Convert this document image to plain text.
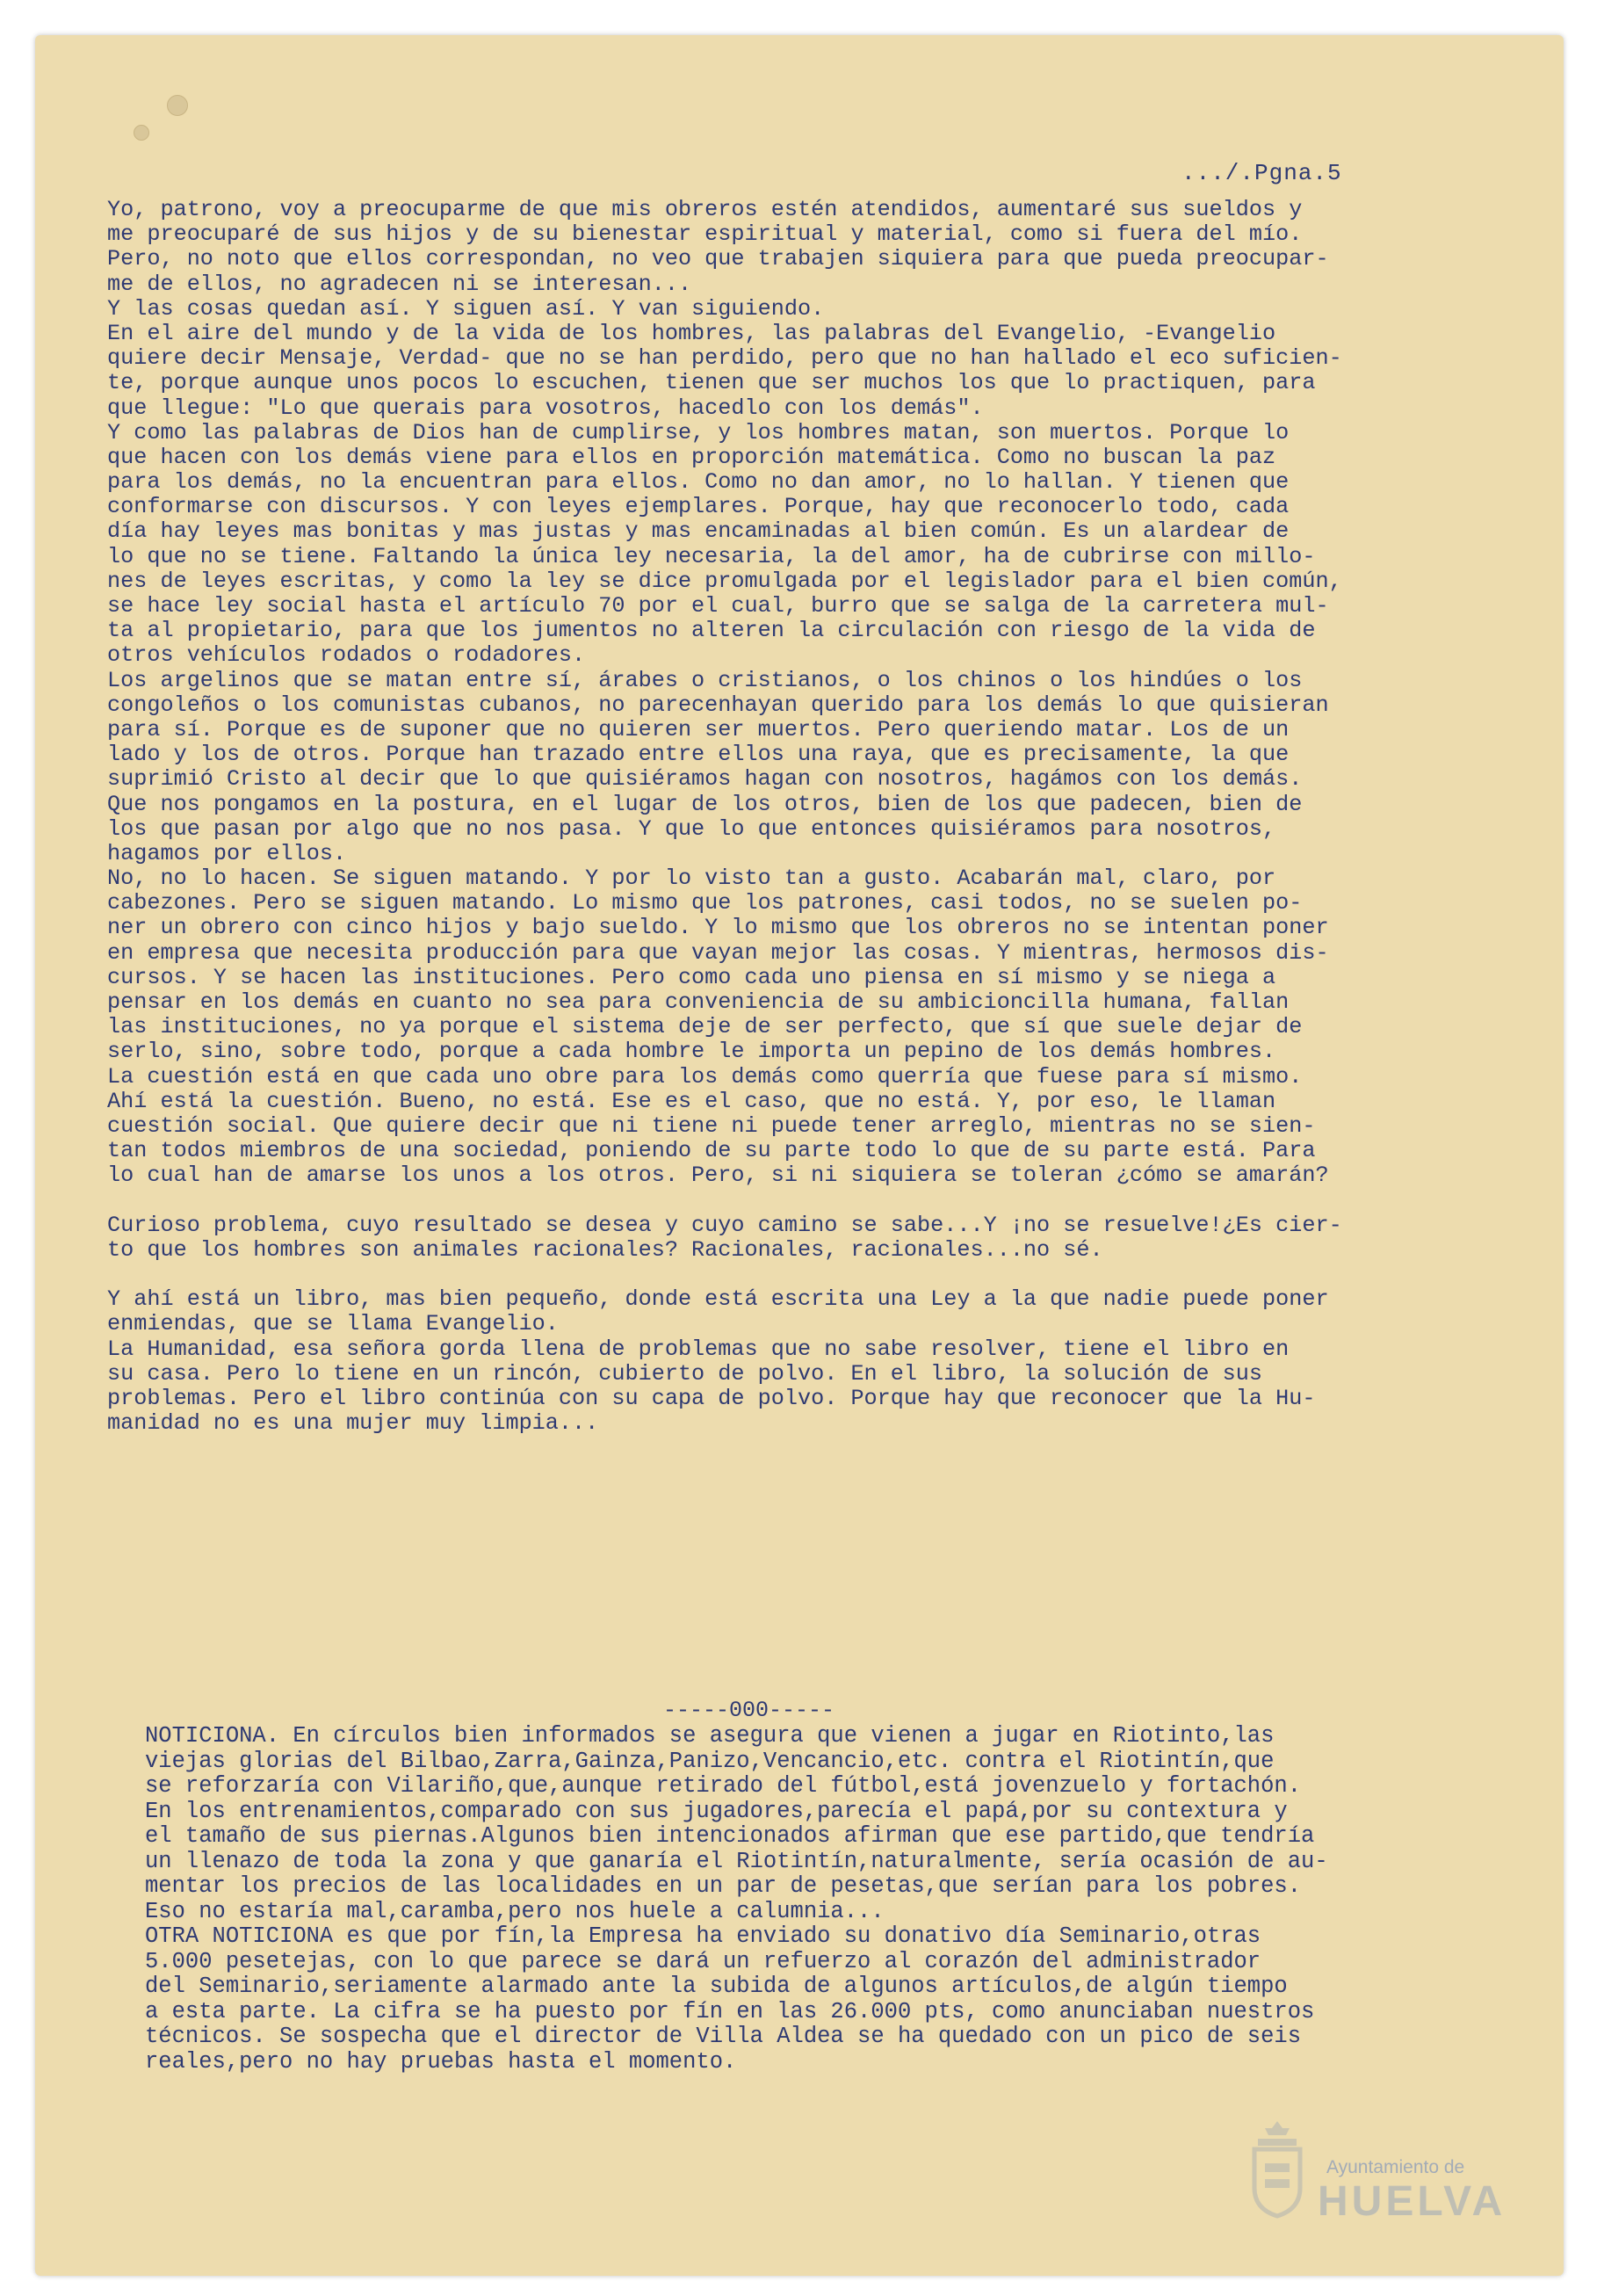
.../.Pgna.5
Yo, patrono, voy a preocuparme de que mis obreros estén atendidos, aumentaré sus sueldos y
me preocuparé de sus hijos y de su bienestar espiritual y material, como si fuera del mío.
Pero, no noto que ellos correspondan, no veo que trabajen siquiera para que pueda preocupar-
me de ellos, no agradecen ni se interesan...
Y las cosas quedan así. Y siguen así. Y van siguiendo.
En el aire del mundo y de la vida de los hombres, las palabras del Evangelio, -Evangelio
quiere decir Mensaje, Verdad- que no se han perdido, pero que no han hallado el eco suficien-
te, porque aunque unos pocos lo escuchen, tienen que ser muchos los que lo practiquen, para
que llegue: "Lo que querais para vosotros, hacedlo con los demás".
Y como las palabras de Dios han de cumplirse, y los hombres matan, son muertos. Porque lo
que hacen con los demás viene para ellos en proporción matemática. Como no buscan la paz
para los demás, no la encuentran para ellos. Como no dan amor, no lo hallan. Y tienen que
conformarse con discursos. Y con leyes ejemplares. Porque, hay que reconocerlo todo, cada
día hay leyes mas bonitas y mas justas y mas encaminadas al bien común. Es un alardear de
lo que no se tiene. Faltando la única ley necesaria, la del amor, ha de cubrirse con millo-
nes de leyes escritas, y como la ley se dice promulgada por el legislador para el bien común,
se hace ley social hasta el artículo 70 por el cual, burro que se salga de la carretera mul-
ta al propietario, para que los jumentos no alteren la circulación con riesgo de la vida de
otros vehículos rodados o rodadores.
Los argelinos que se matan entre sí, árabes o cristianos, o los chinos o los hindúes o los
congoleños o los comunistas cubanos, no parecenhayan querido para los demás lo que quisieran
para sí. Porque es de suponer que no quieren ser muertos. Pero queriendo matar. Los de un
lado y los de otros. Porque han trazado entre ellos una raya, que es precisamente, la que
suprimió Cristo al decir que lo que quisiéramos hagan con nosotros, hagámos con los demás.
Que nos pongamos en la postura, en el lugar de los otros, bien de los que padecen, bien de
los que pasan por algo que no nos pasa. Y que lo que entonces quisiéramos para nosotros,
hagamos por ellos.
No, no lo hacen. Se siguen matando. Y por lo visto tan a gusto. Acabarán mal, claro, por
cabezones. Pero se siguen matando. Lo mismo que los patrones, casi todos, no se suelen po-
ner un obrero con cinco hijos y bajo sueldo. Y lo mismo que los obreros no se intentan poner
en empresa que necesita producción para que vayan mejor las cosas. Y mientras, hermosos dis-
cursos. Y se hacen las instituciones. Pero como cada uno piensa en sí mismo y se niega a
pensar en los demás en cuanto no sea para conveniencia de su ambicioncilla humana, fallan
las instituciones, no ya porque el sistema deje de ser perfecto, que sí que suele dejar de
serlo, sino, sobre todo, porque a cada hombre le importa un pepino de los demás hombres.
La cuestión está en que cada uno obre para los demás como querría que fuese para sí mismo.
Ahí está la cuestión. Bueno, no está. Ese es el caso, que no está. Y, por eso, le llaman
cuestión social. Que quiere decir que ni tiene ni puede tener arreglo, mientras no se sien-
tan todos miembros de una sociedad, poniendo de su parte todo lo que de su parte está. Para
lo cual han de amarse los unos a los otros. Pero, si ni siquiera se toleran ¿cómo se amarán?
Curioso problema, cuyo resultado se desea y cuyo camino se sabe...Y ¡no se resuelve!¿Es cier-
to que los hombres son animales racionales? Racionales, racionales...no sé.
Y ahí está un libro, mas bien pequeño, donde está escrita una Ley a la que nadie puede poner
enmiendas, que se llama Evangelio.
La Humanidad, esa señora gorda llena de problemas que no sabe resolver, tiene el libro en
su casa. Pero lo tiene en un rincón, cubierto de polvo. En el libro, la solución de sus
problemas. Pero el libro continúa con su capa de polvo. Porque hay que reconocer que la Hu-
manidad no es una mujer muy limpia...
-----000-----
NOTICIONA. En círculos bien informados se asegura que vienen a jugar en Riotinto,las
viejas glorias del Bilbao,Zarra,Gainza,Panizo,Vencancio,etc. contra el Riotintín,que
se reforzaría con Vilariño,que,aunque retirado del fútbol,está jovenzuelo y fortachón.
En los entrenamientos,comparado con sus jugadores,parecía el papá,por su contextura y
el tamaño de sus piernas.Algunos bien intencionados afirman que ese partido,que tendría
un llenazo de toda la zona y que ganaría el Riotintín,naturalmente, sería ocasión de au-
mentar los precios de las localidades en un par de pesetas,que serían para los pobres.
Eso no estaría mal,caramba,pero nos huele a calumnia...
OTRA NOTICIONA es que por fín,la Empresa ha enviado su donativo día Seminario,otras
5.000 pesetejas, con lo que parece se dará un refuerzo al corazón del administrador
del Seminario,seriamente alarmado ante la subida de algunos artículos,de algún tiempo
a esta parte. La cifra se ha puesto por fín en las 26.000 pts, como anunciaban nuestros
técnicos. Se sospecha que el director de Villa Aldea se ha quedado con un pico de seis
reales,pero no hay pruebas hasta el momento.
Ayuntamiento de
HUELVA
